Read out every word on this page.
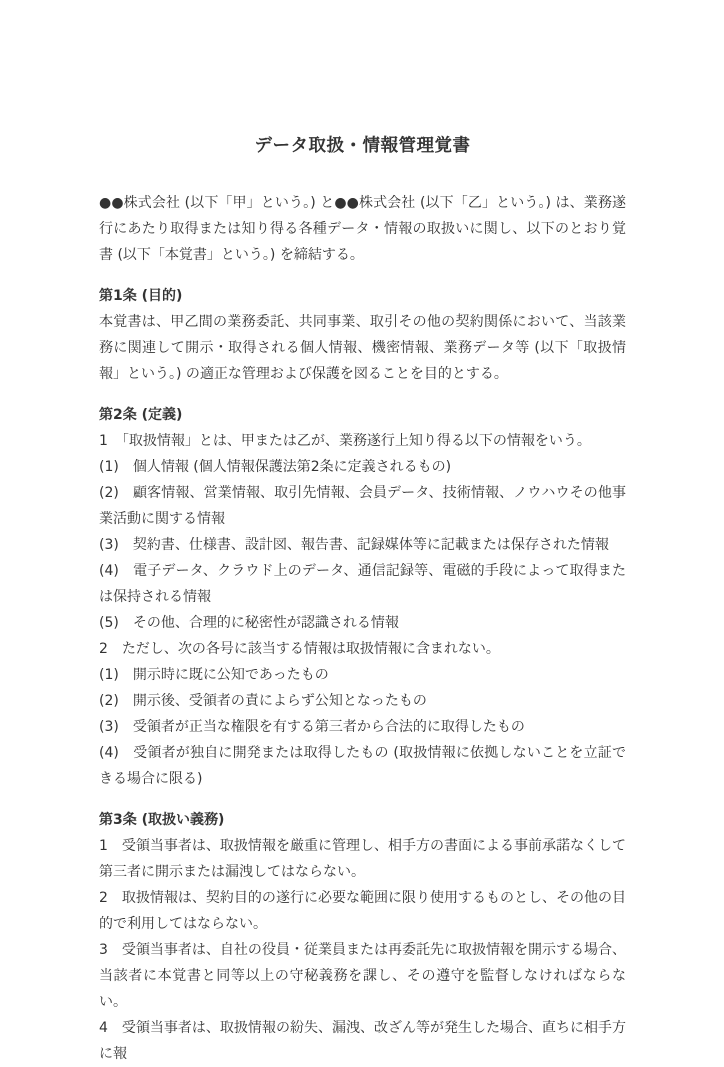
データ取扱・情報管理覚書

●●株式会社 (以下「甲」という。) と●●株式会社 (以下「乙」という。) は、業務遂行にあたり取得または知り得る各種データ・情報の取扱いに関し、以下のとおり覚書 (以下「本覚書」という。) を締結する。

第1条 (目的)

本覚書は、甲乙間の業務委託、共同事業、取引その他の契約関係において、当該業務に関連して開示・取得される個人情報、機密情報、業務データ等 (以下「取扱情報」という。) の適正な管理および保護を図ることを目的とする。

第2条 (定義)

1　「取扱情報」とは、甲または乙が、業務遂行上知り得る以下の情報をいう。

(1)　個人情報 (個人情報保護法第2条に定義されるもの)

(2)　顧客情報、営業情報、取引先情報、会員データ、技術情報、ノウハウその他事業活動に関する情報

(3)　契約書、仕様書、設計図、報告書、記録媒体等に記載または保存された情報

(4)　電子データ、クラウド上のデータ、通信記録等、電磁的手段によって取得または保持される情報

(5)　その他、合理的に秘密性が認識される情報

2　ただし、次の各号に該当する情報は取扱情報に含まれない。

(1)　開示時に既に公知であったもの

(2)　開示後、受領者の責によらず公知となったもの

(3)　受領者が正当な権限を有する第三者から合法的に取得したもの

(4)　受領者が独自に開発または取得したもの (取扱情報に依拠しないことを立証できる場合に限る)

第3条 (取扱い義務)

1　受領当事者は、取扱情報を厳重に管理し、相手方の書面による事前承諾なくして第三者に開示または漏洩してはならない。

2　取扱情報は、契約目的の遂行に必要な範囲に限り使用するものとし、その他の目的で利用してはならない。

3　受領当事者は、自社の役員・従業員または再委託先に取扱情報を開示する場合、当該者に本覚書と同等以上の守秘義務を課し、その遵守を監督しなければならない。

4　受領当事者は、取扱情報の紛失、漏洩、改ざん等が発生した場合、直ちに相手方に報
